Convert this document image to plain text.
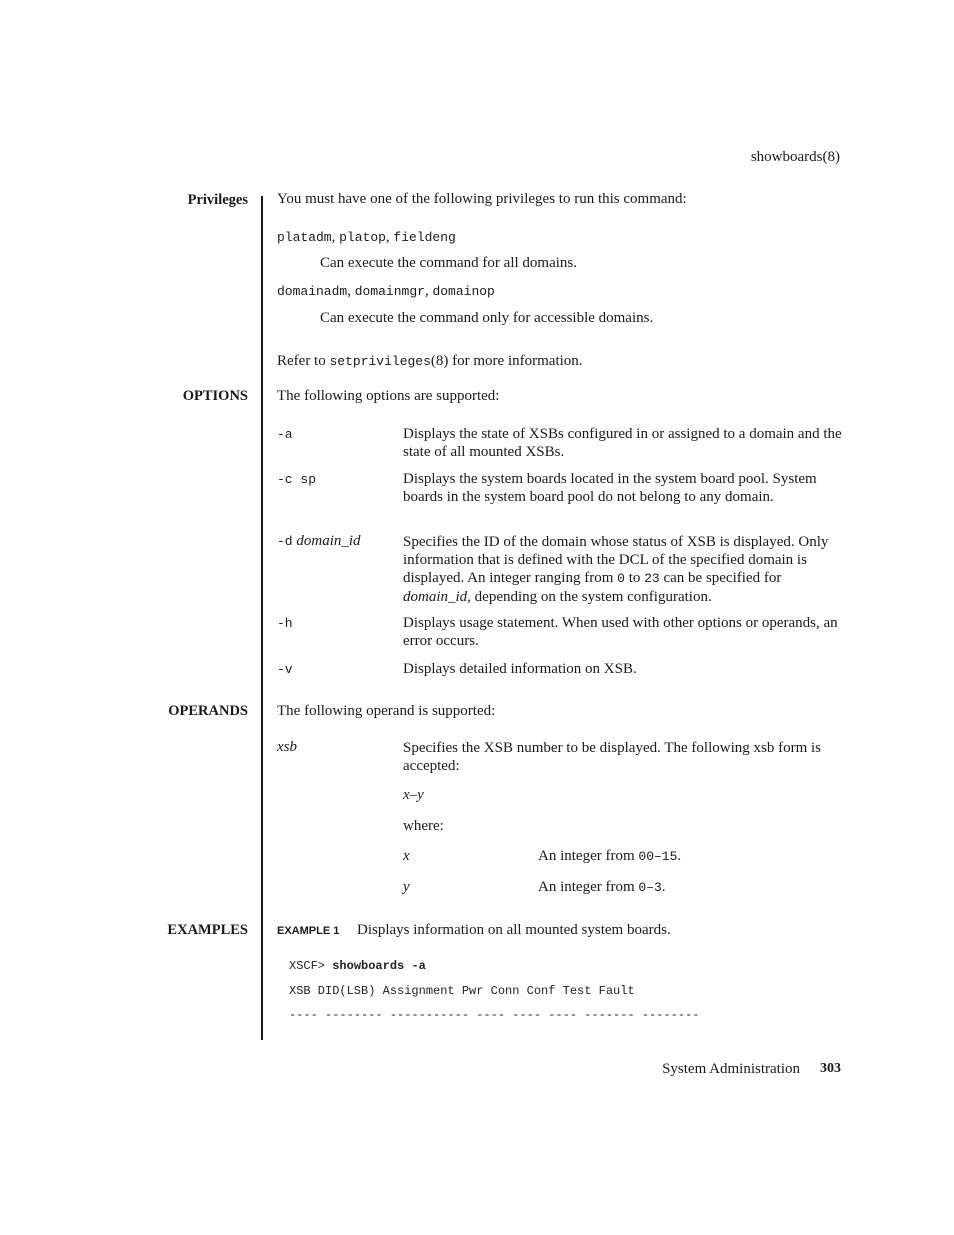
showboards(8)
Privileges You must have one of the following privileges to run this command:
platadm, platop, fieldeng
Can execute the command for all domains.
domainadm, domainmgr, domainop
Can execute the command only for accessible domains.
Refer to setprivileges(8) for more information.
OPTIONS The following options are supported:
-a	Displays the state of XSBs configured in or assigned to a domain and the state of all mounted XSBs.
-c sp	Displays the system boards located in the system board pool. System boards in the system board pool do not belong to any domain.
-d domain_id	Specifies the ID of the domain whose status of XSB is displayed. Only information that is defined with the DCL of the specified domain is displayed. An integer ranging from 0 to 23 can be specified for domain_id, depending on the system configuration.
-h	Displays usage statement. When used with other options or operands, an error occurs.
-v	Displays detailed information on XSB.
OPERANDS The following operand is supported:
xsb	Specifies the XSB number to be displayed. The following xsb form is accepted:
x–y
where:
x	An integer from 00–15.
y	An integer from 0–3.
EXAMPLES	EXAMPLE 1 Displays information on all mounted system boards.
XSCF> showboards -a
XSB DID(LSB) Assignment Pwr Conn Conf Test Fault
---- -------- ----------- ---- ---- ---- ------- --------
System Administration 303
